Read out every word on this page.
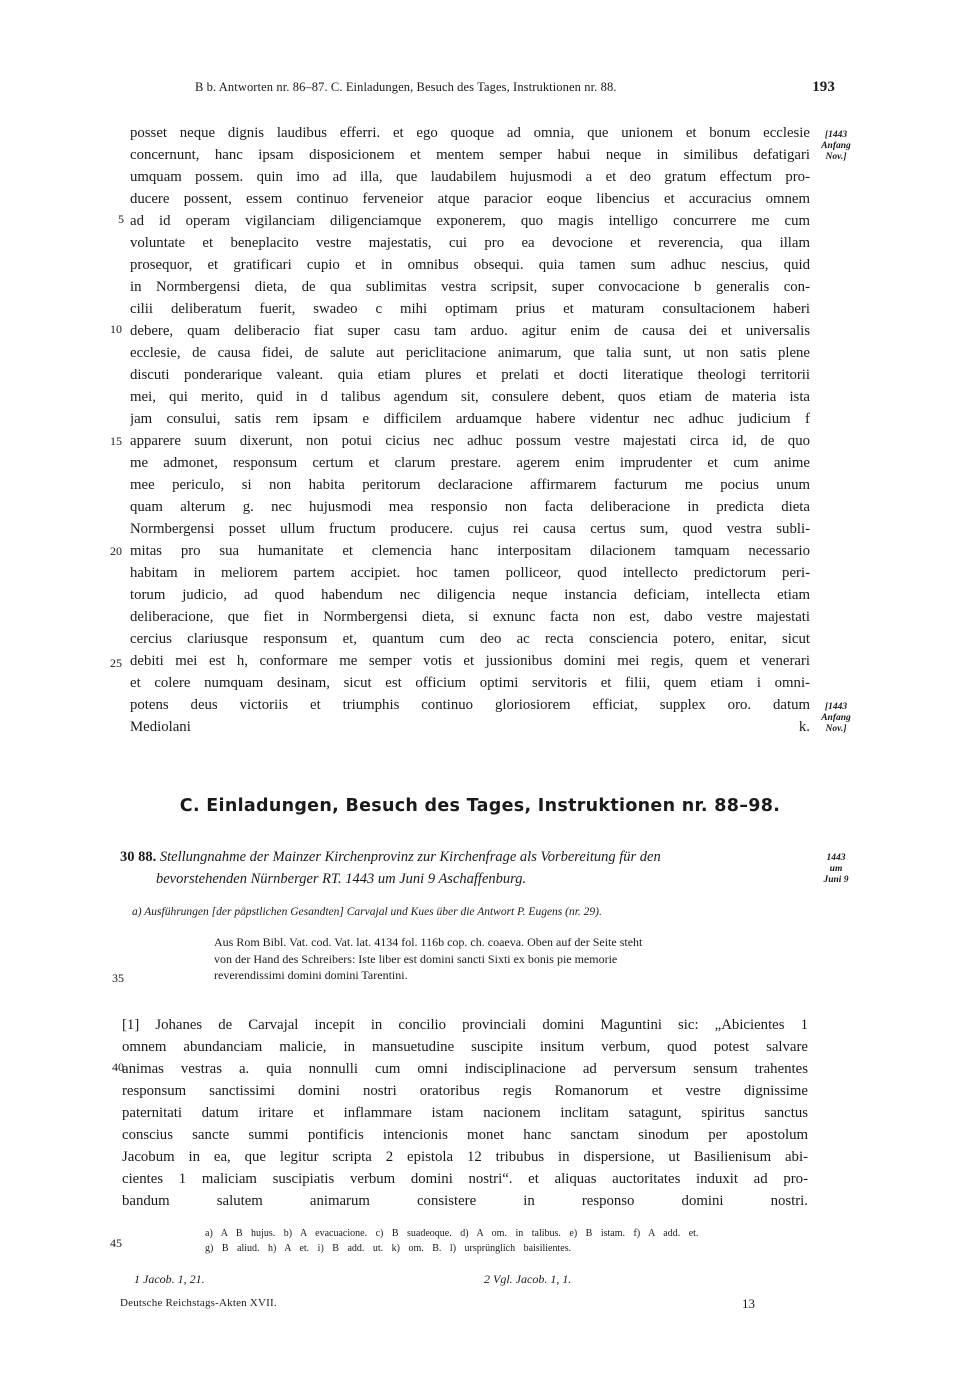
B b. Antworten nr. 86–87. C. Einladungen, Besuch des Tages, Instruktionen nr. 88.	193
posset neque dignis laudibus efferri. et ego quoque ad omnia, que unionem et bonum ecclesie
concernunt, hanc ipsam disposicionem et mentem semper habui neque in similibus defatigari
umquam possem. quin imo ad illa, que laudabilem hujusmodi a et deo gratum effectum pro-
ducere possent, essem continuo ferveneior atque paracior eoque libencius et accuracius omnem
ad id operam vigilanciam diligenciamque exponerem, quo magis intelligo concurrere me cum
voluntate et beneplacito vestre majestatis, cui pro ea devocione et reverencia, qua illam
prosequor, et gratificari cupio et in omnibus obsequi. quia tamen sum adhuc nescius, quid
in Normbergensi dieta, de qua sublimitas vestra scripsit, super convocacione b generalis con-
cilii deliberatum fuerit, swadeo c mihi optimam prius et maturam consultacionem haberi
debere, quam deliberacio fiat super casu tam arduo. agitur enim de causa dei et universalis
ecclesie, de causa fidei, de salute aut periclitacione animarum, que talia sunt, ut non satis plene
discuti ponderarique valeant. quia etiam plures et prelati et docti literatique theologi territorii
mei, qui merito, quid in d talibus agendum sit, consulere debent, quos etiam de materia ista
jam consului, satis rem ipsam e difficilem arduamque habere videntur nec adhuc judicium f
apparere suum dixerunt, non potui cicius nec adhuc possum vestre majestati circa id, de quo
me admonet, responsum certum et clarum prestare. agerem enim imprudenter et cum anime
mee periculo, si non habita peritorum declaracione affirmarem facturum me pocius unum
quam alterum g. nec hujusmodi mea responsio non facta deliberacione in predicta dieta
Normbergensi posset ullum fructum producere. cujus rei causa certus sum, quod vestra subli-
mitas pro sua humanitate et clemencia hanc interpositam dilacionem tamquam necessario
habitam in meliorem partem accipiet. hoc tamen polliceor, quod intellecto predictorum peri-
torum judicio, ad quod habendum nec diligencia neque instancia deficiam, intellecta etiam
deliberacione, que fiet in Normbergensi dieta, si exnunc facta non est, dabo vestre majestati
cercius clariusque responsum et, quantum cum deo ac recta consciencia potero, enitar, sicut
debiti mei est h, conformare me semper votis et jussionibus domini mei regis, quem et venerari
et colere numquam desinam, sicut est officium optimi servitoris et filii, quem etiam i omni-
potens deus victoriis et triumphis continuo gloriosiorem efficiat, supplex oro. datum
Mediolani k.
5
10
15
20
25
40
45
35
[1443
Anfang
Nov.]
[1443
Anfang
Nov.]
1443
um
Juni 9
C. Einladungen, Besuch des Tages, Instruktionen nr. 88–98.
30 88. Stellungnahme der Mainzer Kirchenprovinz zur Kirchenfrage als Vorbereitung für den
bevorstehenden Nürnberger RT. 1443 um Juni 9 Aschaffenburg.
a) Ausführungen [der päpstlichen Gesandten] Carvajal und Kues über die Antwort P. Eugens (nr. 29).
Aus Rom Bibl. Vat. cod. Vat. lat. 4134 fol. 116b cop. ch. coaeva. Oben auf der Seite steht
von der Hand des Schreibers: Iste liber est domini sancti Sixti ex bonis pie memorie
reverendissimi domini domini Tarentini.
[1] Johanes de Carvajal incepit in concilio provinciali domini Maguntini sic: „Abicientes 1
omnem abundanciam malicie, in mansuetudine suscipite insitum verbum, quod potest salvare
animas vestras a. quia nonnulli cum omni indisciplinacione ad perversum sensum trahentes
responsum sanctissimi domini nostri oratoribus regis Romanorum et vestre dignissime
paternitati datum iritare et inflammare istam nacionem inclitam satagunt, spiritus sanctus
conscius sancte summi pontificis intencionis monet hanc sanctam sinodum per apostolum
Jacobum in ea, que legitur scripta 2 epistola 12 tribubus in dispersione, ut Basilienisum abi-
cientes 1 maliciam suscipiatis verbum domini nostri“. et aliquas auctoritates induxit ad pro-
bandum salutem animarum consistere in responso domini nostri.
a) A B hujus. b) A evacuacione. c) B suadeoque. d) A om. in talibus. e) B istam. f) A add. et.
g) B aliud. h) A et. i) B add. ut. k) om. B. l) ursprünglich baisilientes.
1 Jacob. 1, 21.	2 Vgl. Jacob. 1, 1.
Deutsche Reichstags-Akten XVII.	13
